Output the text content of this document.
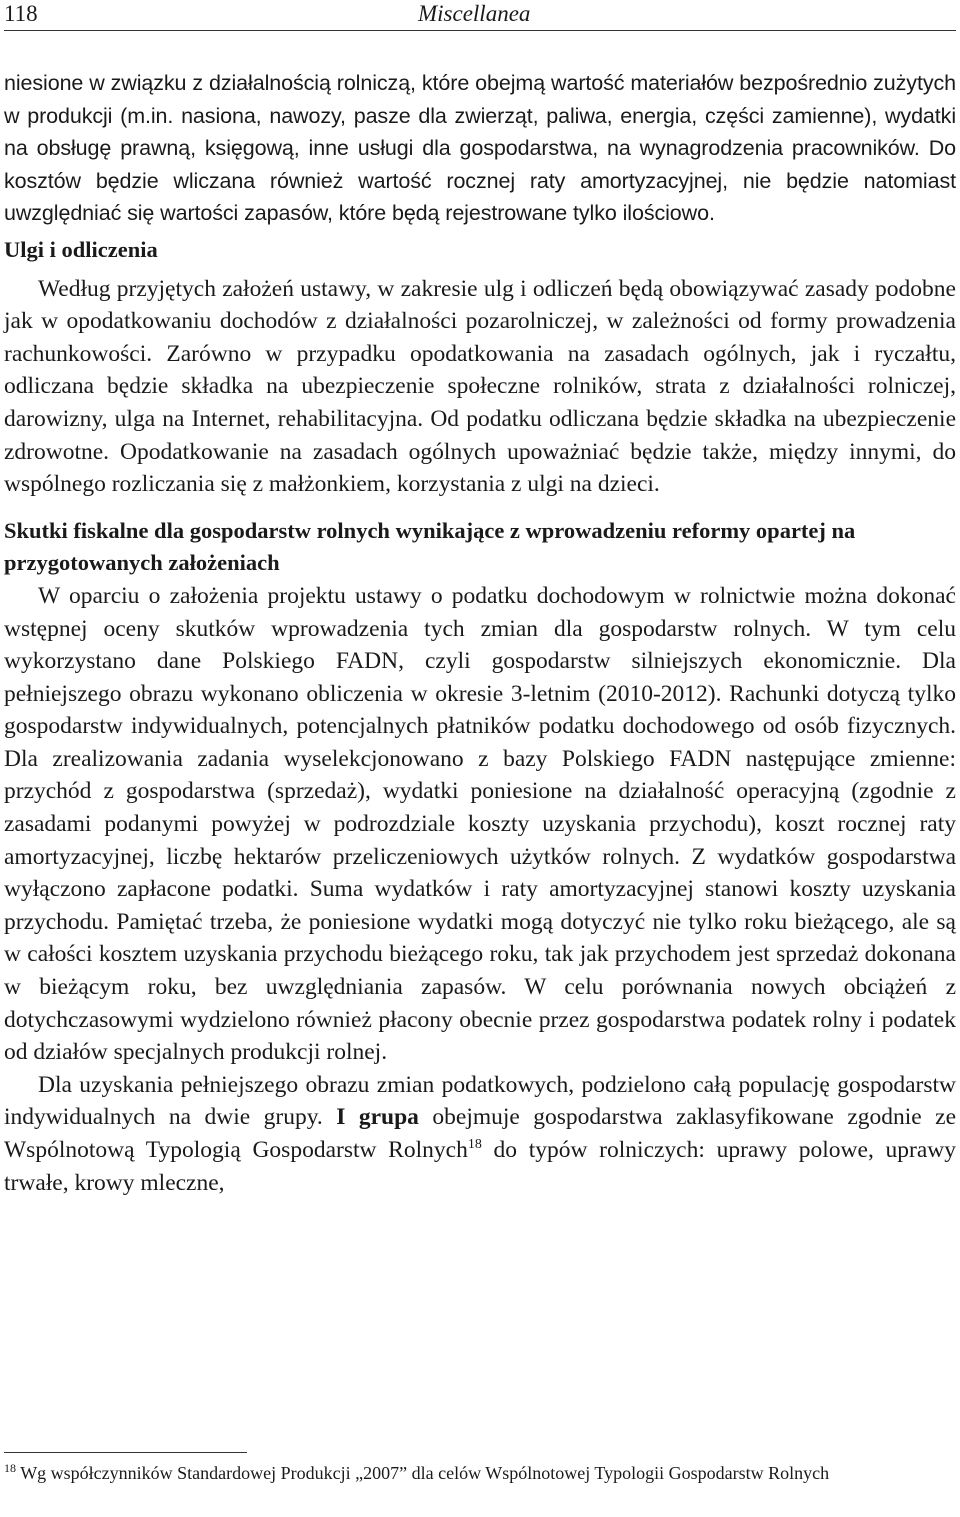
118	Miscellanea

niesione w związku z działalnością rolniczą, które obejmą wartość materiałów bezpośrednio zużytych w produkcji (m.in. nasiona, nawozy, pasze dla zwierząt, paliwa, energia, części zamienne), wydatki na obsługę prawną, księgową, inne usługi dla gospodarstwa, na wynagrodzenia pracowników. Do kosztów będzie wliczana również wartość rocznej raty amortyzacyjnej, nie będzie natomiast uwzględniać się wartości zapasów, które będą rejestrowane tylko ilościowo.

Ulgi i odliczenia

Według przyjętych założeń ustawy, w zakresie ulg i odliczeń będą obowiązywać zasady podobne jak w opodatkowaniu dochodów z działalności pozarolniczej, w zależności od formy prowadzenia rachunkowości. Zarówno w przypadku opodatkowania na zasadach ogólnych, jak i ryczałtu, odliczana będzie składka na ubezpieczenie społeczne rolników, strata z działalności rolniczej, darowizny, ulga na Internet, rehabilitacyjna. Od podatku odliczana będzie składka na ubezpieczenie zdrowotne. Opodatkowanie na zasadach ogólnych upoważniać będzie także, między innymi, do wspólnego rozliczania się z małżonkiem, korzystania z ulgi na dzieci.

Skutki fiskalne dla gospodarstw rolnych wynikające z wprowadzeniu reformy opartej na przygotowanych założeniach

W oparciu o założenia projektu ustawy o podatku dochodowym w rolnictwie można dokonać wstępnej oceny skutków wprowadzenia tych zmian dla gospodarstw rolnych. W tym celu wykorzystano dane Polskiego FADN, czyli gospodarstw silniejszych ekonomicznie. Dla pełniejszego obrazu wykonano obliczenia w okresie 3-letnim (2010-2012). Rachunki dotyczą tylko gospodarstw indywidualnych, potencjalnych płatników podatku dochodowego od osób fizycznych. Dla zrealizowania zadania wyselekcjonowano z bazy Polskiego FADN następujące zmienne: przychód z gospodarstwa (sprzedaż), wydatki poniesione na działalność operacyjną (zgodnie z zasadami podanymi powyżej w podrozdziale koszty uzyskania przychodu), koszt rocznej raty amortyzacyjnej, liczbę hektarów przeliczeniowych użytków rolnych. Z wydatków gospodarstwa wyłączono zapłacone podatki. Suma wydatków i raty amortyzacyjnej stanowi koszty uzyskania przychodu. Pamiętać trzeba, że poniesione wydatki mogą dotyczyć nie tylko roku bieżącego, ale są w całości kosztem uzyskania przychodu bieżącego roku, tak jak przychodem jest sprzedaż dokonana w bieżącym roku, bez uwzględniania zapasów. W celu porównania nowych obciążeń z dotychczasowymi wydzielono również płacony obecnie przez gospodarstwa podatek rolny i podatek od działów specjalnych produkcji rolnej.

Dla uzyskania pełniejszego obrazu zmian podatkowych, podzielono całą populację gospodarstw indywidualnych na dwie grupy. I grupa obejmuje gospodarstwa zaklasyfikowane zgodnie ze Wspólnotową Typologią Gospodarstw Rolnych$^{18}$ do typów rolniczych: uprawy polowe, uprawy trwałe, krowy mleczne,

$^{18}$ Wg współczynników Standardowej Produkcji „2007” dla celów Wspólnotowej Typologii Gospodarstw Rolnych
